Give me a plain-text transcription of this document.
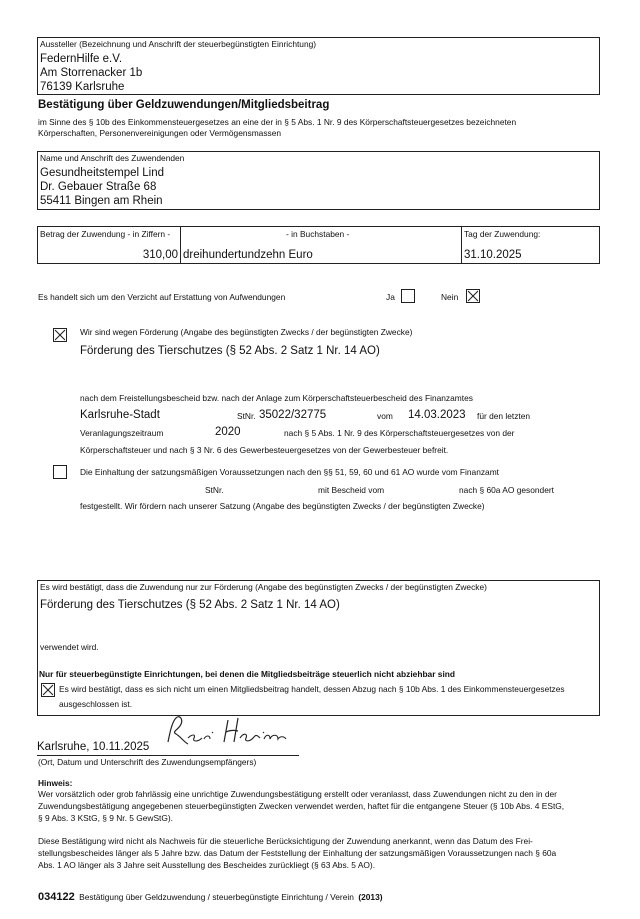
Aussteller (Bezeichnung und Anschrift der steuerbegünstigten Einrichtung)
FedernHilfe e.V.
Am Storrenacker 1b
76139 Karlsruhe
Bestätigung über Geldzuwendungen/Mitgliedsbeitrag
im Sinne des § 10b des Einkommensteuergesetzes an eine der in § 5 Abs. 1 Nr. 9 des Körperschaftsteuergesetzes bezeichneten
Körperschaften, Personenvereinigungen oder Vermögensmassen
Name und Anschrift des Zuwendenden
Gesundheitstempel Lind
Dr. Gebauer Straße 68
55411 Bingen am Rhein
Betrag der Zuwendung - in Ziffern -	- in Buchstaben -	Tag der Zuwendung:
310,00 dreihundertundzehn Euro	31.10.2025
Es handelt sich um den Verzicht auf Erstattung von Aufwendungen	Ja	Nein
Wir sind wegen Förderung (Angabe des begünstigten Zwecks / der begünstigten Zwecke)
Förderung des Tierschutzes (§ 52 Abs. 2 Satz 1 Nr. 14 AO)
nach dem Freistellungsbescheid bzw. nach der Anlage zum Körperschaftsteuerbescheid des Finanzamtes
Karlsruhe-Stadt	StNr. 35022/32775	vom 14.03.2023 für den letzten
Veranlagungszeitraum	2020	nach § 5 Abs. 1 Nr. 9 des Körperschaftsteuergesetzes von der
Körperschaftsteuer und nach § 3 Nr. 6 des Gewerbesteuergesetzes von der Gewerbesteuer befreit.
Die Einhaltung der satzungsmäßigen Voraussetzungen nach den §§ 51, 59, 60 und 61 AO wurde vom Finanzamt
StNr.	mit Bescheid vom	nach § 60a AO gesondert
festgestellt. Wir fördern nach unserer Satzung (Angabe des begünstigten Zwecks / der begünstigten Zwecke)
Es wird bestätigt, dass die Zuwendung nur zur Förderung (Angabe des begünstigten Zwecks / der begünstigten Zwecke)
Förderung des Tierschutzes (§ 52 Abs. 2 Satz 1 Nr. 14 AO)
verwendet wird.
Nur für steuerbegünstigte Einrichtungen, bei denen die Mitgliedsbeiträge steuerlich nicht abziehbar sind
Es wird bestätigt, dass es sich nicht um einen Mitgliedsbeitrag handelt, dessen Abzug nach § 10b Abs. 1 des Einkommensteuergesetzes
ausgeschlossen ist.
Karlsruhe, 10.11.2025
(Ort, Datum und Unterschrift des Zuwendungsempfängers)
Hinweis:
Wer vorsätzlich oder grob fahrlässig eine unrichtige Zuwendungsbestätigung erstellt oder veranlasst, dass Zuwendungen nicht zu den in der
Zuwendungsbestätigung angegebenen steuerbegünstigten Zwecken verwendet werden, haftet für die entgangene Steuer (§ 10b Abs. 4 EStG,
§ 9 Abs. 3 KStG, § 9 Nr. 5 GewStG).
Diese Bestätigung wird nicht als Nachweis für die steuerliche Berücksichtigung der Zuwendung anerkannt, wenn das Datum des Frei-
stellungsbescheides länger als 5 Jahre bzw. das Datum der Feststellung der Einhaltung der satzungsmäßigen Voraussetzungen nach § 60a
Abs. 1 AO länger als 3 Jahre seit Ausstellung des Bescheides zurückliegt (§ 63 Abs. 5 AO).
034122 Bestätigung über Geldzuwendung / steuerbegünstigte Einrichtung / Verein (2013)
